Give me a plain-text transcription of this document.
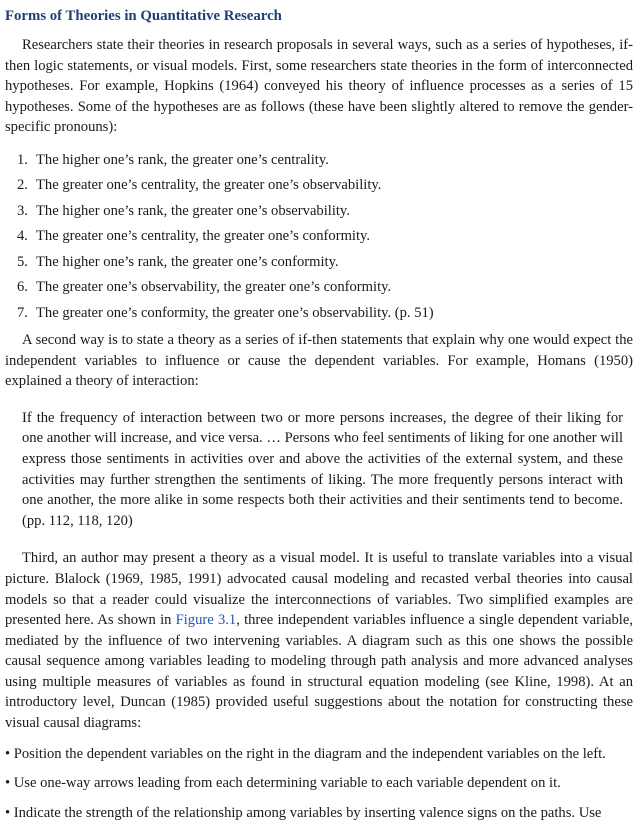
Forms of Theories in Quantitative Research

Researchers state their theories in research proposals in several ways, such as a series of hypotheses, if-then logic statements, or visual models. First, some researchers state theories in the form of interconnected hypotheses. For example, Hopkins (1964) conveyed his theory of influence processes as a series of 15 hypotheses. Some of the hypotheses are as follows (these have been slightly altered to remove the gender-specific pronouns):

1. The higher one’s rank, the greater one’s centrality.
2. The greater one’s centrality, the greater one’s observability.
3. The higher one’s rank, the greater one’s observability.
4. The greater one’s centrality, the greater one’s conformity.
5. The higher one’s rank, the greater one’s conformity.
6. The greater one’s observability, the greater one’s conformity.
7. The greater one’s conformity, the greater one’s observability. (p. 51)

A second way is to state a theory as a series of if-then statements that explain why one would expect the independent variables to influence or cause the dependent variables. For example, Homans (1950) explained a theory of interaction:

If the frequency of interaction between two or more persons increases, the degree of their liking for one another will increase, and vice versa. … Persons who feel sentiments of liking for one another will express those sentiments in activities over and above the activities of the external system, and these activities may further strengthen the sentiments of liking. The more frequently persons interact with one another, the more alike in some respects both their activities and their sentiments tend to become. (pp. 112, 118, 120)

Third, an author may present a theory as a visual model. It is useful to translate variables into a visual picture. Blalock (1969, 1985, 1991) advocated causal modeling and recasted verbal theories into causal models so that a reader could visualize the interconnections of variables. Two simplified examples are presented here. As shown in Figure 3.1, three independent variables influence a single dependent variable, mediated by the influence of two intervening variables. A diagram such as this one shows the possible causal sequence among variables leading to modeling through path analysis and more advanced analyses using multiple measures of variables as found in structural equation modeling (see Kline, 1998). At an introductory level, Duncan (1985) provided useful suggestions about the notation for constructing these visual causal diagrams:

• Position the dependent variables on the right in the diagram and the independent variables on the left.

• Use one-way arrows leading from each determining variable to each variable dependent on it.

• Indicate the strength of the relationship among variables by inserting valence signs on the paths. Use
